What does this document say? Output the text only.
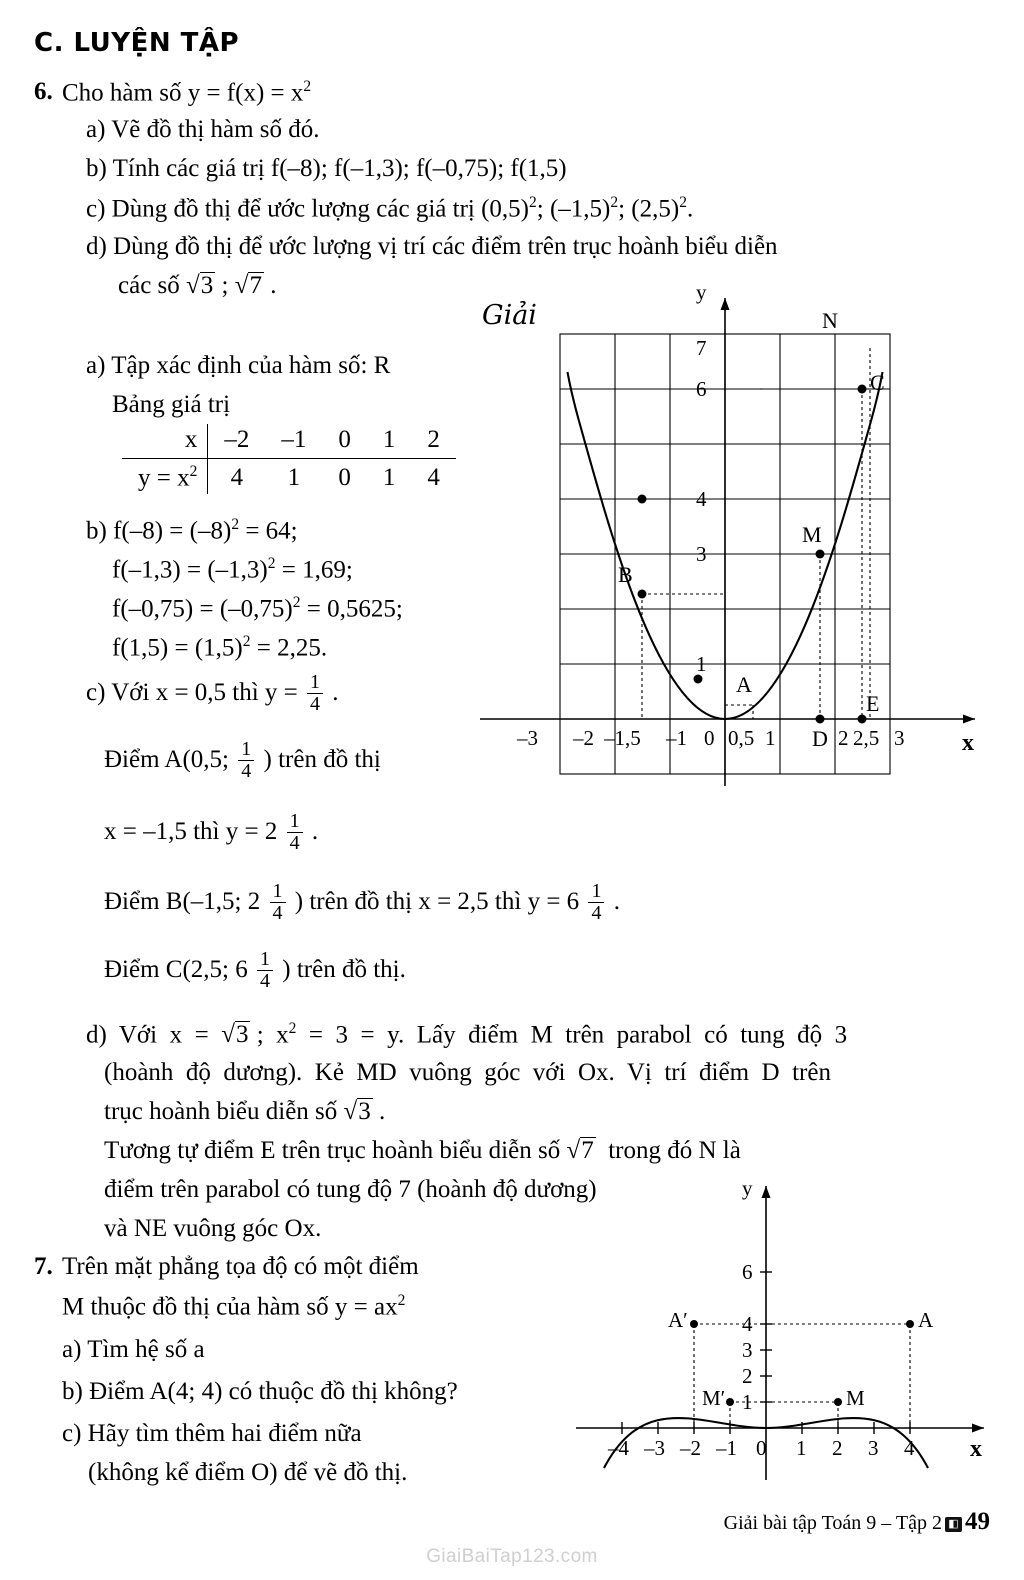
C. LUYỆN TẬP
6. Cho hàm số $y = f(x) = x^2$
a) Vẽ đồ thị hàm số đó.
b) Tính các giá trị f(–8); f(–1,3); f(–0,75); f(1,5)
c) Dùng đồ thị để ước lượng các giá trị $(0,5)^2$; $(-1,5)^2$; $(2,5)^2$.
d) Dùng đồ thị để ước lượng vị trí các điểm trên trục hoành biểu diễn
các số √3 ; √7 .
Giải
a) Tập xác định của hàm số: R
Bảng giá trị
x	–2	–1	0	1	2
$y = x^2$	4	1	0	1	4
b) $f(-8) = (-8)^2 = 64$;
$f(-1,3) = (-1,3)^2 = 1,69$;
$f(-0,75) = (-0,75)^2 = 0,5625$;
$f(1,5) = (1,5)^2 = 2,25$.
c) Với x = 0,5 thì $y = \frac{1}{4}$ .
Điểm A(0,5; $\frac{1}{4}$ ) trên đồ thị
x = –1,5 thì $y = 2 \frac{1}{4}$ .
Điểm B(–1,5; $2 \frac{1}{4}$ ) trên đồ thị x = 2,5 thì $y = 6 \frac{1}{4}$ .
Điểm C(2,5; $6 \frac{1}{4}$ ) trên đồ thị.
d)  Với  x  =  √3 ;  $x^2 = 3 = y$.  Lấy  điểm  M  trên  parabol  có  tung  độ  3
(hoành  độ  dương).  Kẻ  MD  vuông  góc  với  Ox.  Vị  trí  điểm  D  trên
trục hoành biểu diễn số √3 .
Tương tự điểm E trên trục hoành biểu diễn số √7  trong đó N là
điểm trên parabol có tung độ 7 (hoành độ dương)
và NE vuông góc Ox.
7. Trên mặt phẳng tọa độ có một điểm
M thuộc đồ thị của hàm số $y = ax^2$
a) Tìm hệ số a
b) Điểm A(4; 4) có thuộc đồ thị không?
c) Hãy tìm thêm hai điểm nữa
(không kể điểm O) để vẽ đồ thị.
y
x
7
6
4
3
1
–3 –2 –1,5 –1 0 0,5 1	2 2,5 3
C
N
B
M
A
D
E
y
x
6
4
3
2
1
–4 –3 –2 –1 0 1 2 3 4
A′	A
M′	M
Giải bài tập Toán 9 – Tập 2 ◧ 49
GiaiBaiTap123.com
